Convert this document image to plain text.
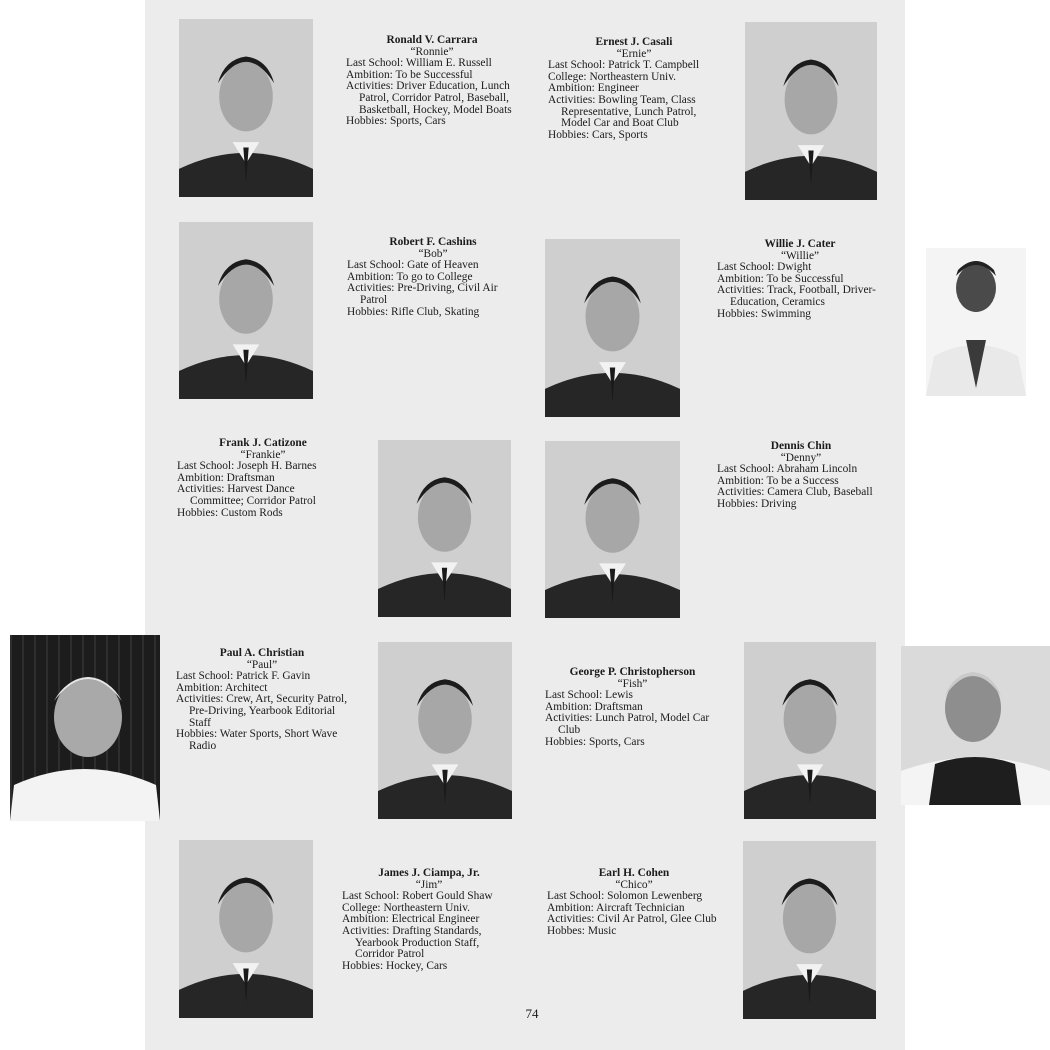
Ronald V. Carrara
“Ronnie”
Last School: William E. Russell
Ambition: To be Successful
Activities: Driver Education, Lunch Patrol, Corridor Patrol, Baseball, Basketball, Hockey, Model Boats
Hobbies: Sports, Cars
Ernest J. Casali
“Ernie”
Last School: Patrick T. Campbell
College: Northeastern Univ.
Ambition: Engineer
Activities: Bowling Team, Class Representative, Lunch Patrol, Model Car and Boat Club
Hobbies: Cars, Sports
Robert F. Cashins
“Bob”
Last School: Gate of Heaven
Ambition: To go to College
Activities: Pre-Driving, Civil Air Patrol
Hobbies: Rifle Club, Skating
Willie J. Cater
“Willie”
Last School: Dwight
Ambition: To be Successful
Activities: Track, Football, Driver-Education, Ceramics
Hobbies: Swimming
Frank J. Catizone
“Frankie”
Last School: Joseph H. Barnes
Ambition: Draftsman
Activities: Harvest Dance Committee; Corridor Patrol
Hobbies: Custom Rods
Dennis Chin
“Denny”
Last School: Abraham Lincoln
Ambition: To be a Success
Activities: Camera Club, Baseball
Hobbies: Driving
Paul A. Christian
“Paul”
Last School: Patrick F. Gavin
Ambition: Architect
Activities: Crew, Art, Security Patrol, Pre-Driving, Yearbook Editorial Staff
Hobbies: Water Sports, Short Wave Radio
George P. Christopherson
“Fish”
Last School: Lewis
Ambition: Draftsman
Activities: Lunch Patrol, Model Car Club
Hobbies: Sports, Cars
James J. Ciampa, Jr.
“Jim”
Last School: Robert Gould Shaw
College: Northeastern Univ.
Ambition: Electrical Engineer
Activities: Drafting Standards, Yearbook Production Staff, Corridor Patrol
Hobbies: Hockey, Cars
Earl H. Cohen
“Chico”
Last School: Solomon Lewenberg
Ambition: Aircraft Technician
Activities: Civil Ar Patrol, Glee Club
Hobbes: Music
74
